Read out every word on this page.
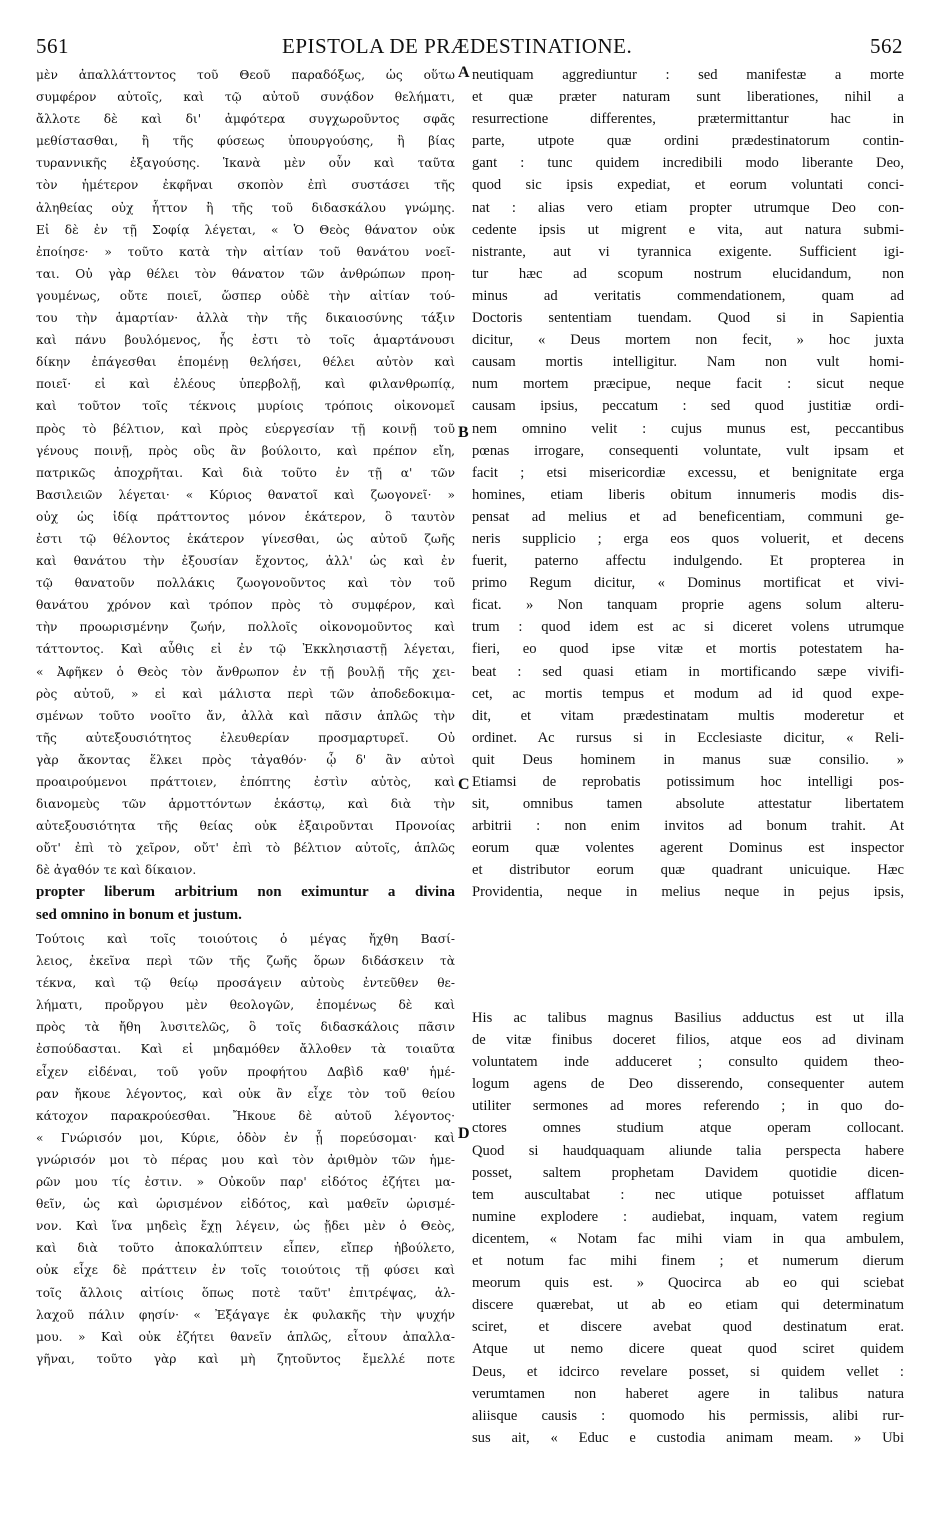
561	EPISTOLA DE PRÆDESTINATIONE.	562
μὲν ἀπαλλάττοντος τοῦ Θεοῦ παραδόξως, ὡς οὕτω
συμφέρον αὐτοῖς, καὶ τῷ αὐτοῦ συνᾴδον θελήματι,
ἄλλοτε δὲ καὶ δι' ἀμφότερα συγχωροῦντος σφᾶς
μεθίστασθαι, ἢ τῆς φύσεως ὑπουργούσης, ἢ βίας
τυραννικῆς ἐξαγούσης. Ἱκανὰ μὲν οὖν καὶ ταῦτα
τὸν ἡμέτερον ἐκφῆναι σκοπὸν ἐπὶ συστάσει τῆς
ἀληθείας οὐχ ἧττον ἢ τῆς τοῦ διδασκάλου γνώμης.
Εἰ δὲ ἐν τῇ Σοφίᾳ λέγεται, « Ὁ Θεὸς θάνατον οὐκ
ἐποίησε· » τοῦτο κατὰ τὴν αἰτίαν τοῦ θανάτου νοεῖ-
ται. Οὐ γὰρ θέλει τὸν θάνατον τῶν ἀνθρώπων προη-
γουμένως, οὔτε ποιεῖ, ὥσπερ οὐδὲ τὴν αἰτίαν τού-
του τὴν ἁμαρτίαν· ἀλλὰ τὴν τῆς δικαιοσύνης τάξιν
καὶ πάνυ βουλόμενος, ἧς ἐστι τὸ τοῖς ἁμαρτάνουσι
δίκην ἐπάγεσθαι ἑπομένῃ θελήσει, θέλει αὐτὸν καὶ
ποιεῖ· εἰ καὶ ἐλέους ὑπερβολῇ, καὶ φιλανθρωπίᾳ,
καὶ τοῦτον τοῖς τέκνοις μυρίοις τρόποις οἰκονομεῖ
πρὸς τὸ βέλτιον, καὶ πρὸς εὐεργεσίαν τῇ κοινῇ τοῦ
γένους ποινῇ, πρὸς οὓς ἂν βούλοιτο, καὶ πρέπον εἴη,
πατρικῶς ἀποχρῆται. Καὶ διὰ τοῦτο ἐν τῇ α' τῶν
Βασιλειῶν λέγεται· « Κύριος θανατοῖ καὶ ζωογονεῖ· »
οὐχ ὡς ἰδίᾳ πράττοντος μόνον ἑκάτερον, ὃ ταυτὸν
ἐστι τῷ θέλοντος ἑκάτερον γίνεσθαι, ὡς αὐτοῦ ζωῆς
καὶ θανάτου τὴν ἐξουσίαν ἔχοντος, ἀλλ' ὡς καὶ ἐν
τῷ θανατοῦν πολλάκις ζωογονοῦντος καὶ τὸν τοῦ
θανάτου χρόνον καὶ τρόπον πρὸς τὸ συμφέρον, καὶ
τὴν προωρισμένην ζωήν, πολλοῖς οἰκονομοῦντος καὶ
τάττοντος. Καὶ αὖθις εἰ ἐν τῷ Ἐκκλησιαστῇ λέγεται,
« Ἀφῆκεν ὁ Θεὸς τὸν ἄνθρωπον ἐν τῇ βουλῇ τῆς χει-
ρὸς αὐτοῦ, » εἰ καὶ μάλιστα περὶ τῶν ἀποδεδοκιμα-
σμένων τοῦτο νοοῖτο ἄν, ἀλλὰ καὶ πᾶσιν ἁπλῶς τὴν
τῆς αὐτεξουσιότητος ἐλευθερίαν προσμαρτυρεῖ. Οὐ
γὰρ ἄκοντας ἕλκει πρὸς τἀγαθόν· ᾧ δ' ἂν αὐτοὶ
προαιρούμενοι πράττοιεν, ἐπόπτης ἐστὶν αὐτὸς, καὶ
διανομεὺς τῶν ἁρμοττόντων ἑκάστῳ, καὶ διὰ τὴν
αὐτεξουσιότητα τῆς θείας οὐκ ἐξαιροῦνται Προνοίας
οὔτ' ἐπὶ τὸ χεῖρον, οὔτ' ἐπὶ τὸ βέλτιον αὐτοῖς, ἁπλῶς
δὲ ἀγαθόν τε καὶ δίκαιον.
neutiquam aggrediuntur : sed manifestæ a morte
et quæ præter naturam sunt liberationes, nihil a
resurrectione differentes, prætermittantur hac in
parte, utpote quæ ordini prædestinatorum contin-
gant : tunc quidem incredibili modo liberante Deo,
quod sic ipsis expediat, et eorum voluntati conci-
nat : alias vero etiam propter utrumque Deo con-
cedente ipsis ut migrent e vita, aut natura submi-
nistrante, aut vi tyrannica exigente. Sufficient igi-
tur hæc ad scopum nostrum elucidandum, non
minus ad veritatis commendationem, quam ad
Doctoris sententiam tuendam. Quod si in Sapientia
dicitur, « Deus mortem non fecit, » hoc juxta
causam mortis intelligitur. Nam non vult homi-
num mortem præcipue, neque facit : sicut neque
causam ipsius, peccatum : sed quod justitiæ ordi-
nem omnino velit : cujus munus est, peccantibus
pœnas irrogare, consequenti voluntate, vult ipsam et
facit ; etsi misericordiæ excessu, et benignitate erga
homines, etiam liberis obitum innumeris modis dis-
pensat ad melius et ad beneficentiam, communi ge-
neris supplicio ; erga eos quos voluerit, et decens
fuerit, paterno affectu indulgendo. Et propterea in
primo Regum dicitur, « Dominus mortificat et vivi-
ficat. » Non tanquam proprie agens solum alteru-
trum : quod idem est ac si diceret volens utrumque
fieri, eo quod ipse vitæ et mortis potestatem ha-
beat : sed quasi etiam in mortificando sæpe vivifi-
cet, ac mortis tempus et modum ad id quod expe-
dit, et vitam prædestinatam multis moderetur et
ordinet. Ac rursus si in Ecclesiaste dicitur, « Reli-
quit Deus hominem in manus suæ consilio. »
Etiamsi de reprobatis potissimum hoc intelligi pos-
sit, omnibus tamen absolute attestatur libertatem
arbitrii : non enim invitos ad bonum trahit. At
eorum quæ volentes agerent Dominus est inspector
et distributor eorum quæ quadrant unicuique. Hæc
Providentia, neque in melius neque in pejus ipsis,
propter liberum arbitrium non eximuntur a divina
sed omnino in bonum et justum.
Τούτοις καὶ τοῖς τοιούτοις ὁ μέγας ἤχθη Βασί-
λειος, ἐκεῖνα περὶ τῶν τῆς ζωῆς ὅρων διδάσκειν τὰ
τέκνα, καὶ τῷ θείῳ προσάγειν αὐτοὺς ἐντεῦθεν θε-
λήματι, προὔργου μὲν θεολογῶν, ἑπομένως δὲ καὶ
πρὸς τὰ ἤθη λυσιτελῶς, ὃ τοῖς διδασκάλοις πᾶσιν
ἐσπούδασται. Καὶ εἰ μηδαμόθεν ἄλλοθεν τὰ τοιαῦτα
εἶχεν εἰδέναι, τοῦ γοῦν προφήτου Δαβὶδ καθ' ἡμέ-
ραν ἤκουε λέγοντος, καὶ οὐκ ἂν εἶχε τὸν τοῦ θείου
κάτοχον παρακρούεσθαι. Ἤκουε δὲ αὐτοῦ λέγοντος·
« Γνώρισόν μοι, Κύριε, ὁδὸν ἐν ᾗ πορεύσομαι· καὶ
γνώρισόν μοι τὸ πέρας μου καὶ τὸν ἀριθμὸν τῶν ἡμε-
ρῶν μου τίς ἐστιν. » Οὐκοῦν παρ' εἰδότος ἐζήτει μα-
θεῖν, ὡς καὶ ὡρισμένον εἰδότος, καὶ μαθεῖν ὡρισμέ-
νον. Καὶ ἵνα μηδεὶς ἔχῃ λέγειν, ὡς ᾔδει μὲν ὁ Θεὸς,
καὶ διὰ τοῦτο ἀποκαλύπτειν εἶπεν, εἴπερ ἠβούλετο,
οὐκ εἶχε δὲ πράττειν ἐν τοῖς τοιούτοις τῇ φύσει καὶ
τοῖς ἄλλοις αἰτίοις ὅπως ποτὲ ταῦτ' ἐπιτρέψας, ἀλ-
λαχοῦ πάλιν φησίν· « Ἐξάγαγε ἐκ φυλακῆς τὴν ψυχήν
μου. » Καὶ οὐκ ἐζήτει θανεῖν ἁπλῶς, εἶτουν ἀπαλλα-
γῆναι, τοῦτο γὰρ καὶ μὴ ζητοῦντος ἔμελλέ ποτε
His ac talibus magnus Basilius adductus est ut illa
de vitæ finibus doceret filios, atque eos ad divinam
voluntatem inde adduceret ; consulto quidem theo-
logum agens de Deo disserendo, consequenter autem
utiliter sermones ad mores referendo ; in quo do-
ctores omnes studium atque operam collocant.
Quod si haudquaquam aliunde talia perspecta habere
posset, saltem prophetam Davidem quotidie dicen-
tem auscultabat : nec utique potuisset afflatum
numine explodere : audiebat, inquam, vatem regium
dicentem, « Notam fac mihi viam in qua ambulem,
et notum fac mihi finem ; et numerum dierum
meorum quis est. » Quocirca ab eo qui sciebat
discere quærebat, ut ab eo etiam qui determinatum
sciret, et discere avebat quod destinatum erat.
Atque ut nemo dicere queat quod sciret quidem
Deus, et idcirco revelare posset, si quidem vellet :
verumtamen non haberet agere in talibus natura
aliisque causis : quomodo his permissis, alibi rur-
sus ait, « Educ e custodia animam meam. » Ubi
A
B
C
D
